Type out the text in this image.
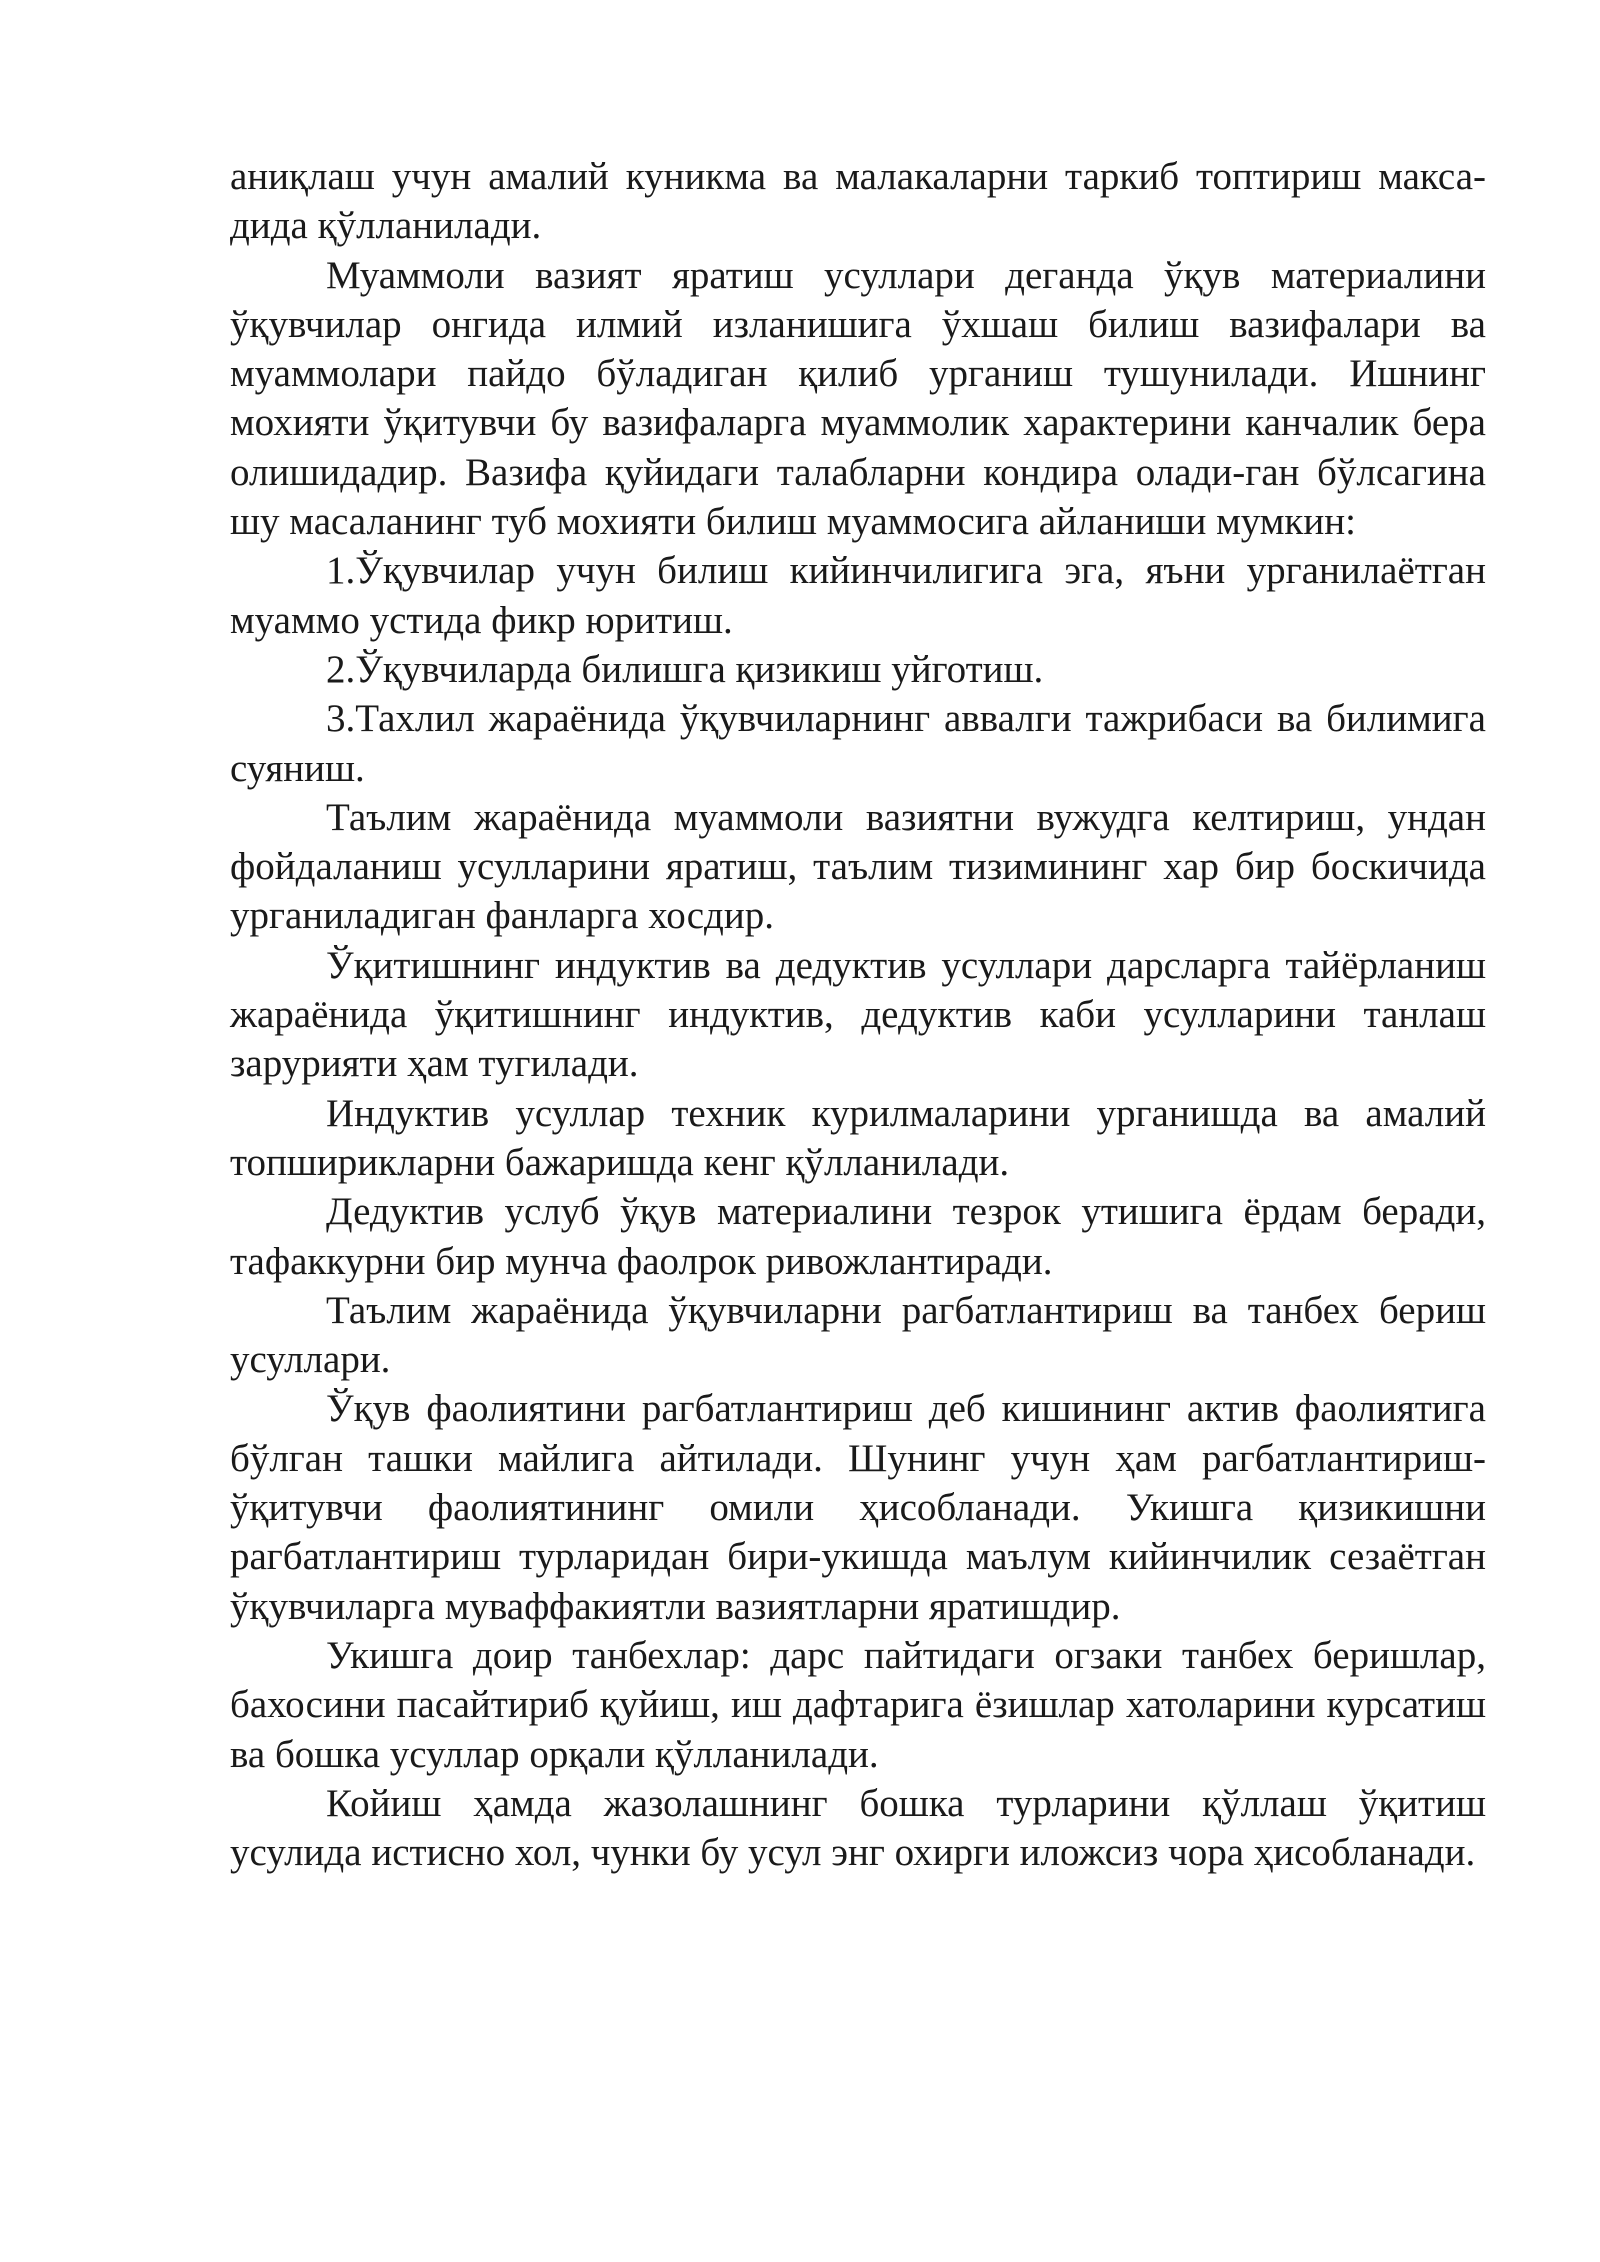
аниқлаш учун амалий куникма ва малакаларни таркиб топтириш макса-дида қўлланилади.

Муаммоли вазият яратиш усуллари деганда ўқув материалини ўқувчилар онгида илмий изланишига ўхшаш билиш вазифалари ва муаммолари пайдо бўладиган қилиб урганиш тушунилади. Ишнинг мохияти ўқитувчи бу вазифаларга муаммолик характерини канчалик бера олишидадир. Вазифа қуйидаги талабларни кондира олади-ган бўлсагина шу масаланинг туб мохияти билиш муаммосига айланиши мумкин:

1.Ўқувчилар учун билиш кийинчилигига эга, яъни урганилаётган муаммо устида фикр юритиш.

2.Ўқувчиларда билишга қизикиш уйготиш.

3.Тахлил жараёнида ўқувчиларнинг аввалги тажрибаси ва билимига суяниш.

Таълим жараёнида муаммоли вазиятни вужудга келтириш, ундан фойдаланиш усулларини яратиш, таълим тизимининг хар бир боскичида урганиладиган фанларга хосдир.

Ўқитишнинг индуктив ва дедуктив усуллари дарсларга тайёрланиш жараёнида ўқитишнинг индуктив, дедуктив каби усулларини танлаш зарурияти ҳам тугилади.

Индуктив усуллар техник курилмаларини урганишда ва амалий топширикларни бажаришда кенг қўлланилади.

Дедуктив услуб ўқув материалини тезрок утишига ёрдам беради, тафаккурни бир мунча фаолрок ривожлантиради.

Таълим жараёнида ўқувчиларни рагбатлантириш ва танбех бериш усуллари.

Ўқув фаолиятини рагбатлантириш деб кишининг актив фаолиятига бўлган ташки майлига айтилади. Шунинг учун ҳам рагбатлантириш-ўқитувчи фаолиятининг омили ҳисобланади. Укишга қизикишни рагбатлантириш турларидан бири-укишда маълум кийинчилик сезаётган ўқувчиларга муваффакиятли вазиятларни яратишдир.

Укишга доир танбехлар: дарс пайтидаги огзаки танбех беришлар, бахосини пасайтириб қуйиш, иш дафтарига ёзишлар хатоларини курсатиш ва бошка усуллар орқали қўлланилади.

Койиш ҳамда жазолашнинг бошка турларини қўллаш ўқитиш усулида истисно хол, чунки бу усул энг охирги иложсиз чора ҳисобланади.
